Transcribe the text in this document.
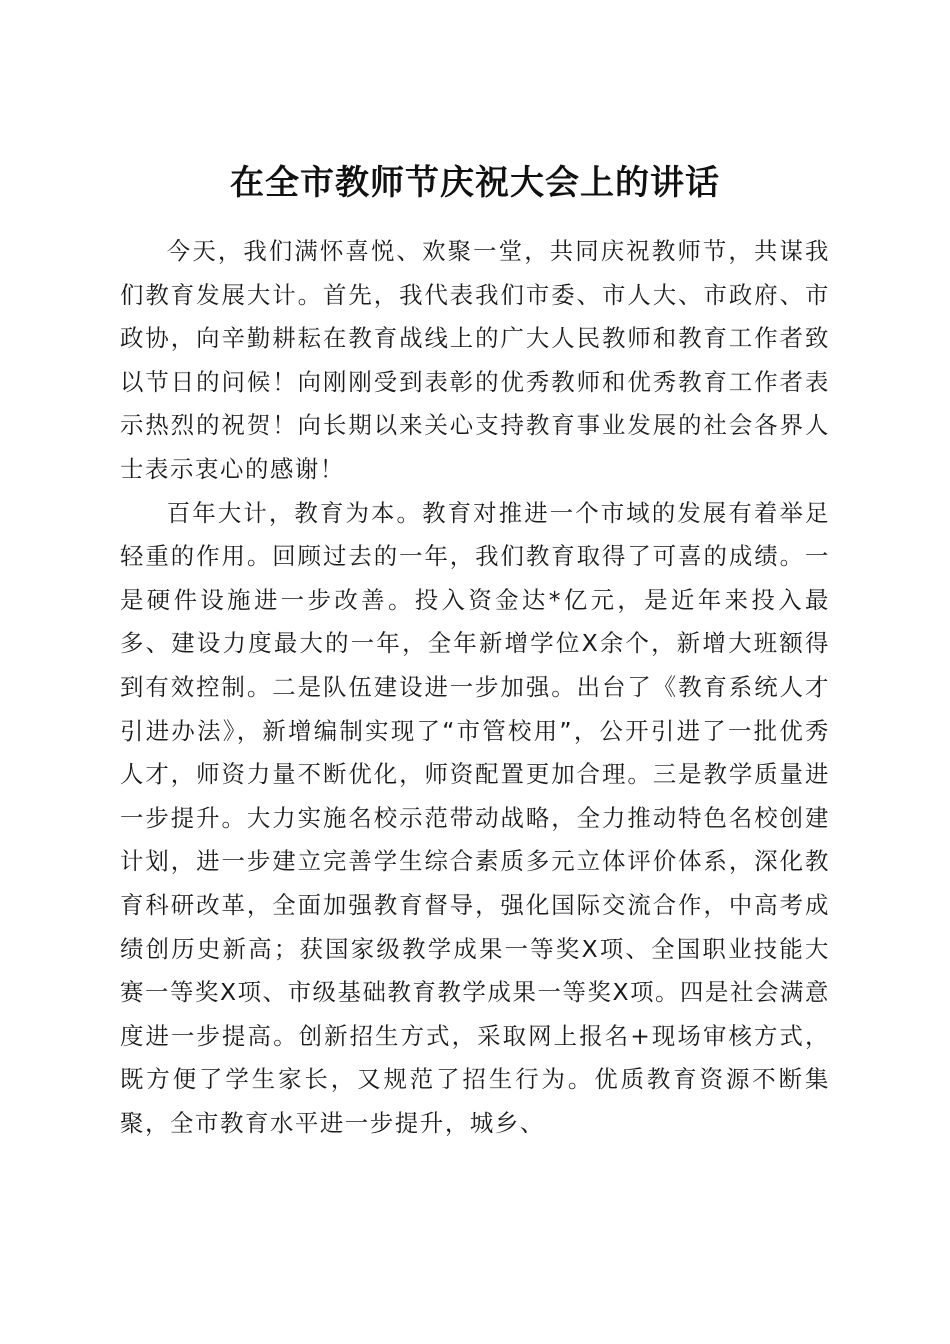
在全市教师节庆祝大会上的讲话

今天，我们满怀喜悦、欢聚一堂，共同庆祝教师节，共谋我们教育发展大计。首先，我代表我们市委、市人大、市政府、市政协，向辛勤耕耘在教育战线上的广大人民教师和教育工作者致以节日的问候！向刚刚受到表彰的优秀教师和优秀教育工作者表示热烈的祝贺！向长期以来关心支持教育事业发展的社会各界人士表示衷心的感谢！

百年大计，教育为本。教育对推进一个市域的发展有着举足轻重的作用。回顾过去的一年，我们教育取得了可喜的成绩。一是硬件设施进一步改善。投入资金达*亿元，是近年来投入最多、建设力度最大的一年，全年新增学位X余个，新增大班额得到有效控制。二是队伍建设进一步加强。出台了《教育系统人才引进办法》，新增编制实现了“市管校用”，公开引进了一批优秀人才，师资力量不断优化，师资配置更加合理。三是教学质量进一步提升。大力实施名校示范带动战略，全力推动特色名校创建计划，进一步建立完善学生综合素质多元立体评价体系，深化教育科研改革，全面加强教育督导，强化国际交流合作，中高考成绩创历史新高；获国家级教学成果一等奖X项、全国职业技能大赛一等奖X项、市级基础教育教学成果一等奖X项。四是社会满意度进一步提高。创新招生方式，采取网上报名+现场审核方式，既方便了学生家长，又规范了招生行为。优质教育资源不断集聚，全市教育水平进一步提升，城乡、
